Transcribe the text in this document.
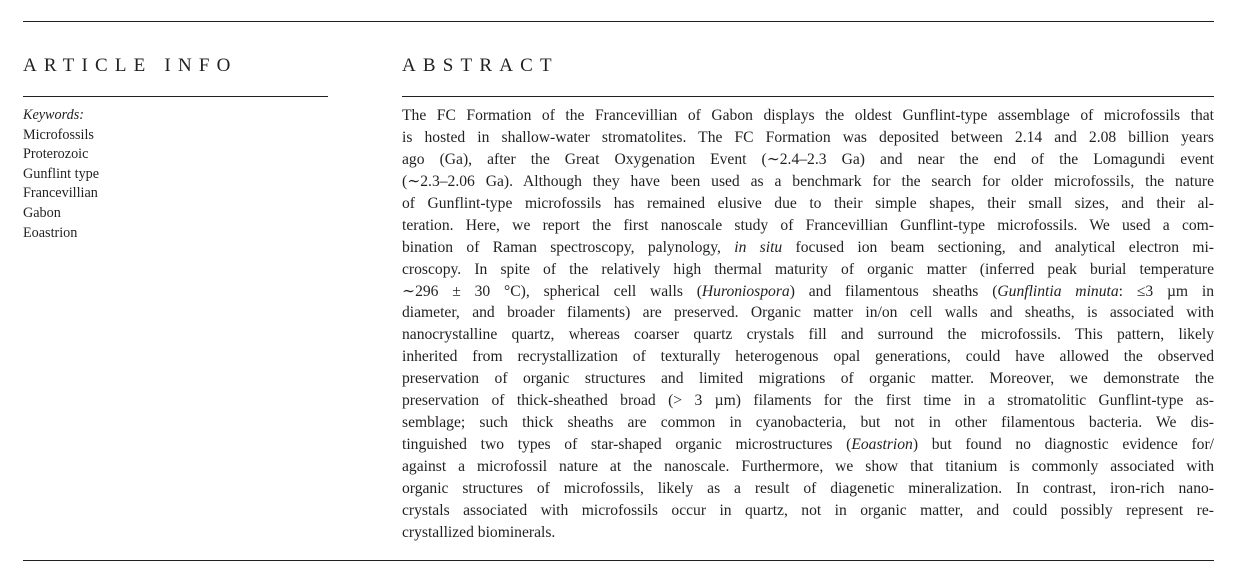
ARTICLE INFO
Keywords:
Microfossils
Proterozoic
Gunflint type
Francevillian
Gabon
Eoastrion
ABSTRACT
The FC Formation of the Francevillian of Gabon displays the oldest Gunflint-type assemblage of microfossils that
is hosted in shallow-water stromatolites. The FC Formation was deposited between 2.14 and 2.08 billion years
ago (Ga), after the Great Oxygenation Event (∼2.4–2.3 Ga) and near the end of the Lomagundi event
(∼2.3–2.06 Ga). Although they have been used as a benchmark for the search for older microfossils, the nature
of Gunflint-type microfossils has remained elusive due to their simple shapes, their small sizes, and their al-
teration. Here, we report the first nanoscale study of Francevillian Gunflint-type microfossils. We used a com-
bination of Raman spectroscopy, palynology, in situ focused ion beam sectioning, and analytical electron mi-
croscopy. In spite of the relatively high thermal maturity of organic matter (inferred peak burial temperature
∼296 ± 30 °C), spherical cell walls (Huroniospora) and filamentous sheaths (Gunflintia minuta: ≤3 µm in
diameter, and broader filaments) are preserved. Organic matter in/on cell walls and sheaths, is associated with
nanocrystalline quartz, whereas coarser quartz crystals fill and surround the microfossils. This pattern, likely
inherited from recrystallization of texturally heterogenous opal generations, could have allowed the observed
preservation of organic structures and limited migrations of organic matter. Moreover, we demonstrate the
preservation of thick-sheathed broad (> 3 µm) filaments for the first time in a stromatolitic Gunflint-type as-
semblage; such thick sheaths are common in cyanobacteria, but not in other filamentous bacteria. We dis-
tinguished two types of star-shaped organic microstructures (Eoastrion) but found no diagnostic evidence for/
against a microfossil nature at the nanoscale. Furthermore, we show that titanium is commonly associated with
organic structures of microfossils, likely as a result of diagenetic mineralization. In contrast, iron-rich nano-
crystals associated with microfossils occur in quartz, not in organic matter, and could possibly represent re-
crystallized biominerals.
